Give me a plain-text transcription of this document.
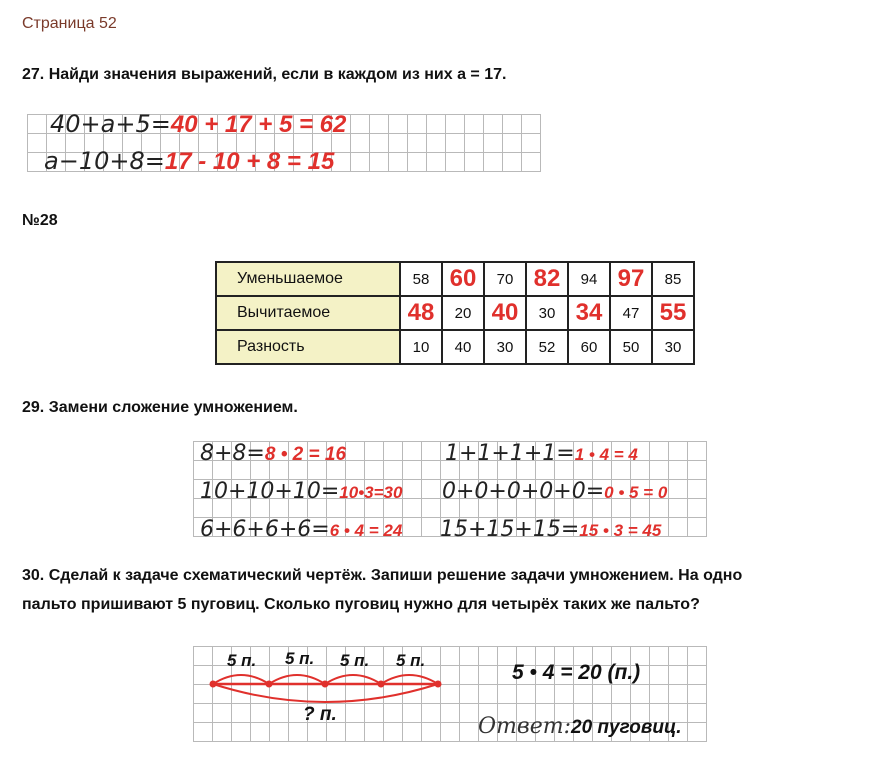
Страница 52
27. Найди значения выражений, если в каждом из них а = 17.
40+a+5=40 + 17 + 5 = 62
a−10+8=17 - 10 + 8 = 15
№28
Уменьшаемое	58	60	70	82	94	97	85
Вычитаемое	48	20	40	30	34	47	55
Разность	10	40	30	52	60	50	30
29. Замени сложение умножением.
8+8=8 • 2 = 16
10+10+10=10•3=30
6+6+6+6=6 • 4 = 24
1+1+1+1=1 • 4 = 4
0+0+0+0+0=0 • 5 = 0
15+15+15=15 • 3 = 45
30. Сделай к задаче схематический чертёж. Запиши решение задачи умножением. На одно
пальто пришивают 5 пуговиц. Сколько пуговиц нужно для четырёх таких же пальто?
5 п. 5 п. 5 п. 5 п.
? п.
5 • 4 = 20 (п.)
Ответ:20 пуговиц.
